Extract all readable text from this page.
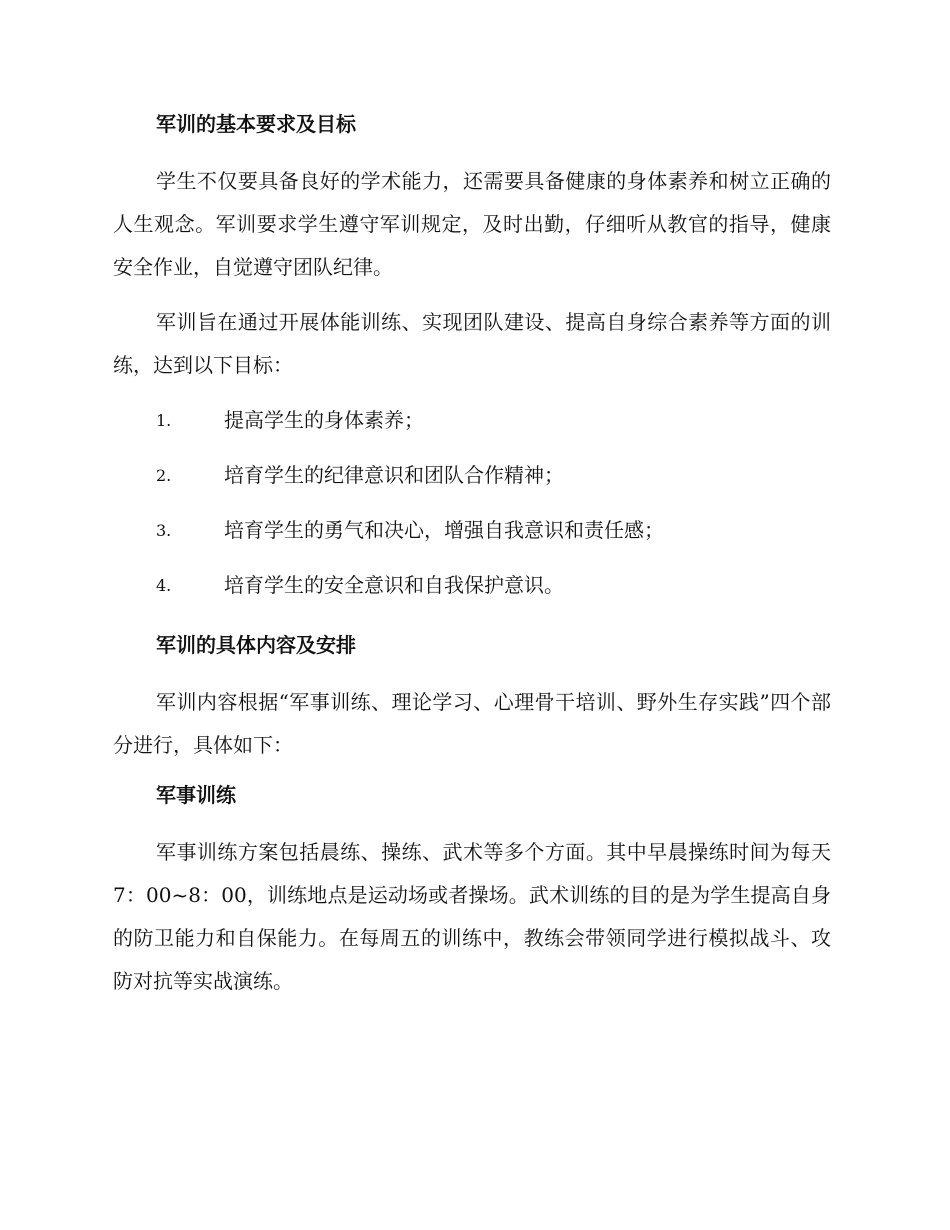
军训的基本要求及目标

学生不仅要具备良好的学术能力，还需要具备健康的身体素养和树立正确的人生观念。军训要求学生遵守军训规定，及时出勤，仔细听从教官的指导，健康安全作业，自觉遵守团队纪律。

军训旨在通过开展体能训练、实现团队建设、提高自身综合素养等方面的训练，达到以下目标：

1.	提高学生的身体素养；
2.	培育学生的纪律意识和团队合作精神；
3.	培育学生的勇气和决心，增强自我意识和责任感；
4.	培育学生的安全意识和自我保护意识。
军训的具体内容及安排

军训内容根据“军事训练、理论学习、心理骨干培训、野外生存实践”四个部分进行，具体如下：

军事训练

军事训练方案包括晨练、操练、武术等多个方面。其中早晨操练时间为每天7：00~8：00，训练地点是运动场或者操场。武术训练的目的是为学生提高自身的防卫能力和自保能力。在每周五的训练中，教练会带领同学进行模拟战斗、攻防对抗等实战演练。
